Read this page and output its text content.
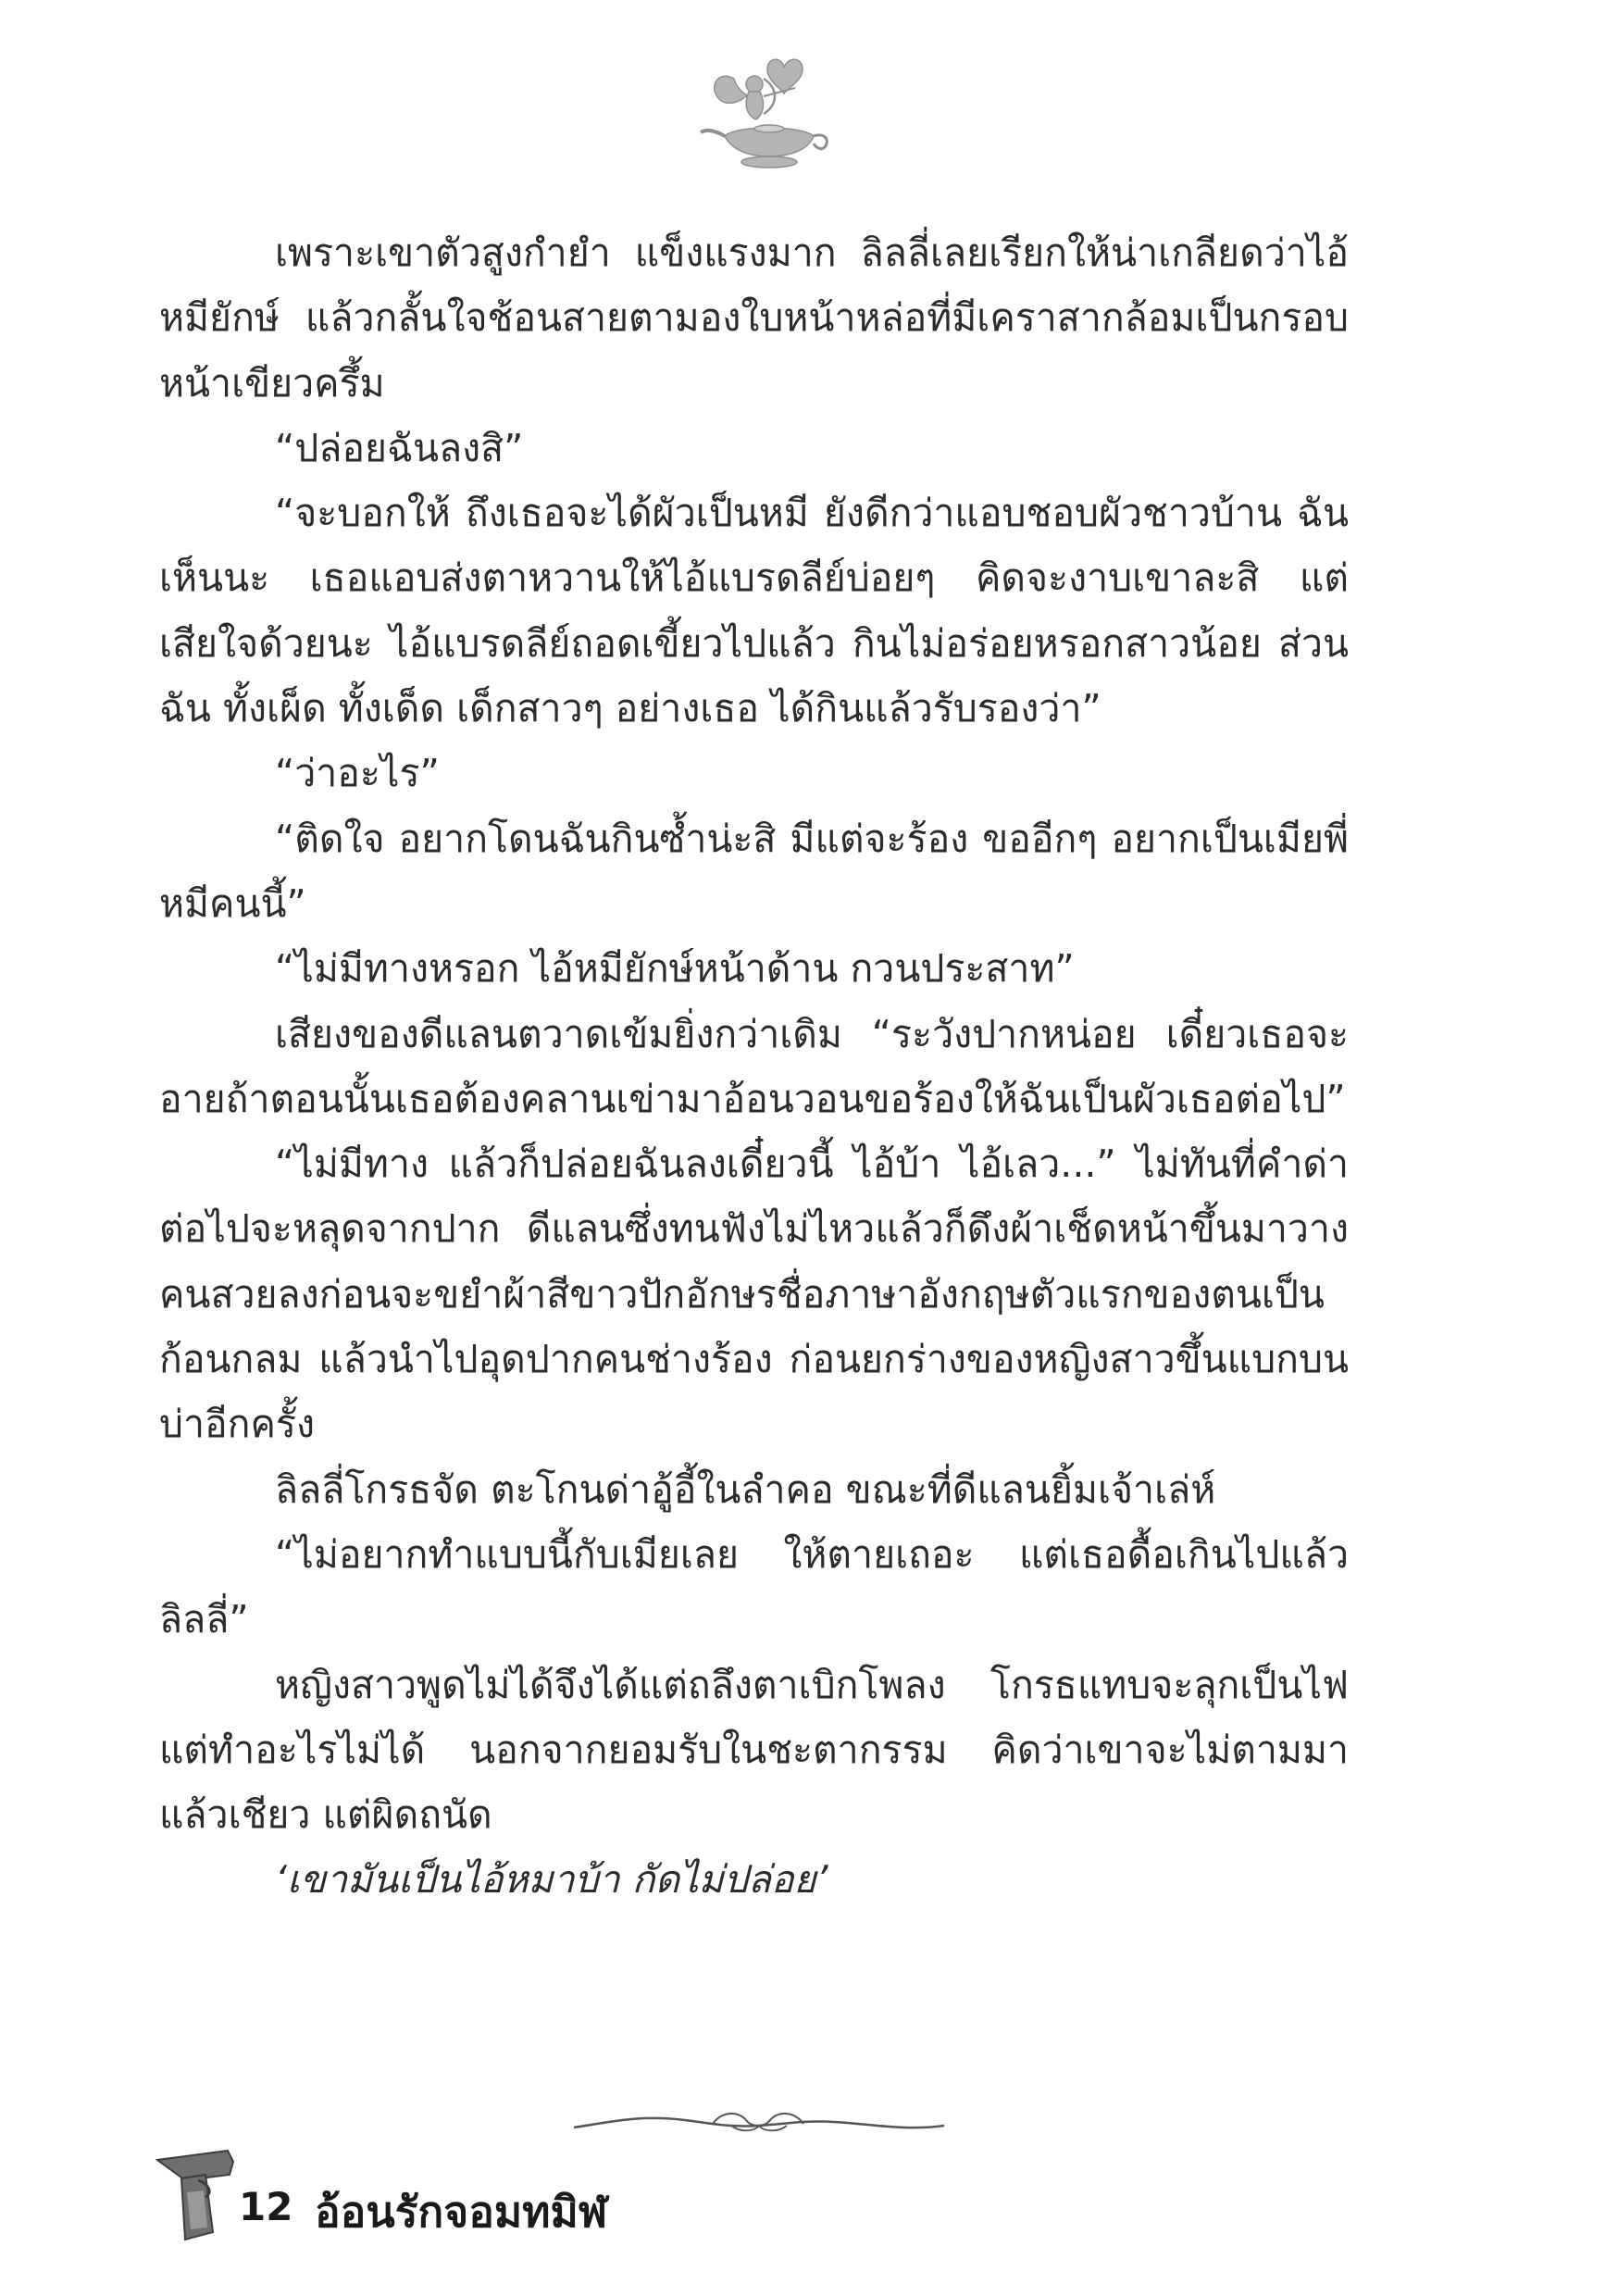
เพราะเขาตัวสูงกำยำ แข็งแรงมาก ลิลลี่เลยเรียกให้น่าเกลียดว่าไอ้หมียักษ์ แล้วกลั้นใจช้อนสายตามองใบหน้าหล่อที่มีเคราสากล้อมเป็นกรอบหน้าเขียวครึ้ม

“ปล่อยฉันลงสิ”

“จะบอกให้ ถึงเธอจะได้ผัวเป็นหมี ยังดีกว่าแอบชอบผัวชาวบ้าน ฉันเห็นนะ เธอแอบส่งตาหวานให้ไอ้แบรดลีย์บ่อยๆ คิดจะงาบเขาละสิ แต่เสียใจด้วยนะ ไอ้แบรดลีย์ถอดเขี้ยวไปแล้ว กินไม่อร่อยหรอกสาวน้อย ส่วนฉัน ทั้งเผ็ด ทั้งเด็ด เด็กสาวๆ อย่างเธอ ได้กินแล้วรับรองว่า”

“ว่าอะไร”

“ติดใจ อยากโดนฉันกินซ้ำน่ะสิ มีแต่จะร้อง ขออีกๆ อยากเป็นเมียพี่หมีคนนี้”

“ไม่มีทางหรอก ไอ้หมียักษ์หน้าด้าน กวนประสาท”

เสียงของดีแลนตวาดเข้มยิ่งกว่าเดิม “ระวังปากหน่อย เดี๋ยวเธอจะอายถ้าตอนนั้นเธอต้องคลานเข่ามาอ้อนวอนขอร้องให้ฉันเป็นผัวเธอต่อไป”

“ไม่มีทาง แล้วก็ปล่อยฉันลงเดี๋ยวนี้ ไอ้บ้า ไอ้เลว...” ไม่ทันที่คำด่าต่อไปจะหลุดจากปาก ดีแลนซึ่งทนฟังไม่ไหวแล้วก็ดึงผ้าเช็ดหน้าขึ้นมาวางคนสวยลงก่อนจะขยำผ้าสีขาวปักอักษรชื่อภาษาอังกฤษตัวแรกของตนเป็นก้อนกลม แล้วนำไปอุดปากคนช่างร้อง ก่อนยกร่างของหญิงสาวขึ้นแบกบนบ่าอีกครั้ง

ลิลลี่โกรธจัด ตะโกนด่าอู้อี้ในลำคอ ขณะที่ดีแลนยิ้มเจ้าเล่ห์

“ไม่อยากทำแบบนี้กับเมียเลย ให้ตายเถอะ แต่เธอดื้อเกินไปแล้วลิลลี่”

หญิงสาวพูดไม่ได้จึงได้แต่ถลึงตาเบิกโพลง โกรธแทบจะลุกเป็นไฟ แต่ทำอะไรไม่ได้ นอกจากยอมรับในชะตากรรม คิดว่าเขาจะไม่ตามมาแล้วเชียว แต่ผิดถนัด

‘เขามันเป็นไอ้หมาบ้า กัดไม่ปล่อย’

12 อ้อนรักจอมทมิฬ
